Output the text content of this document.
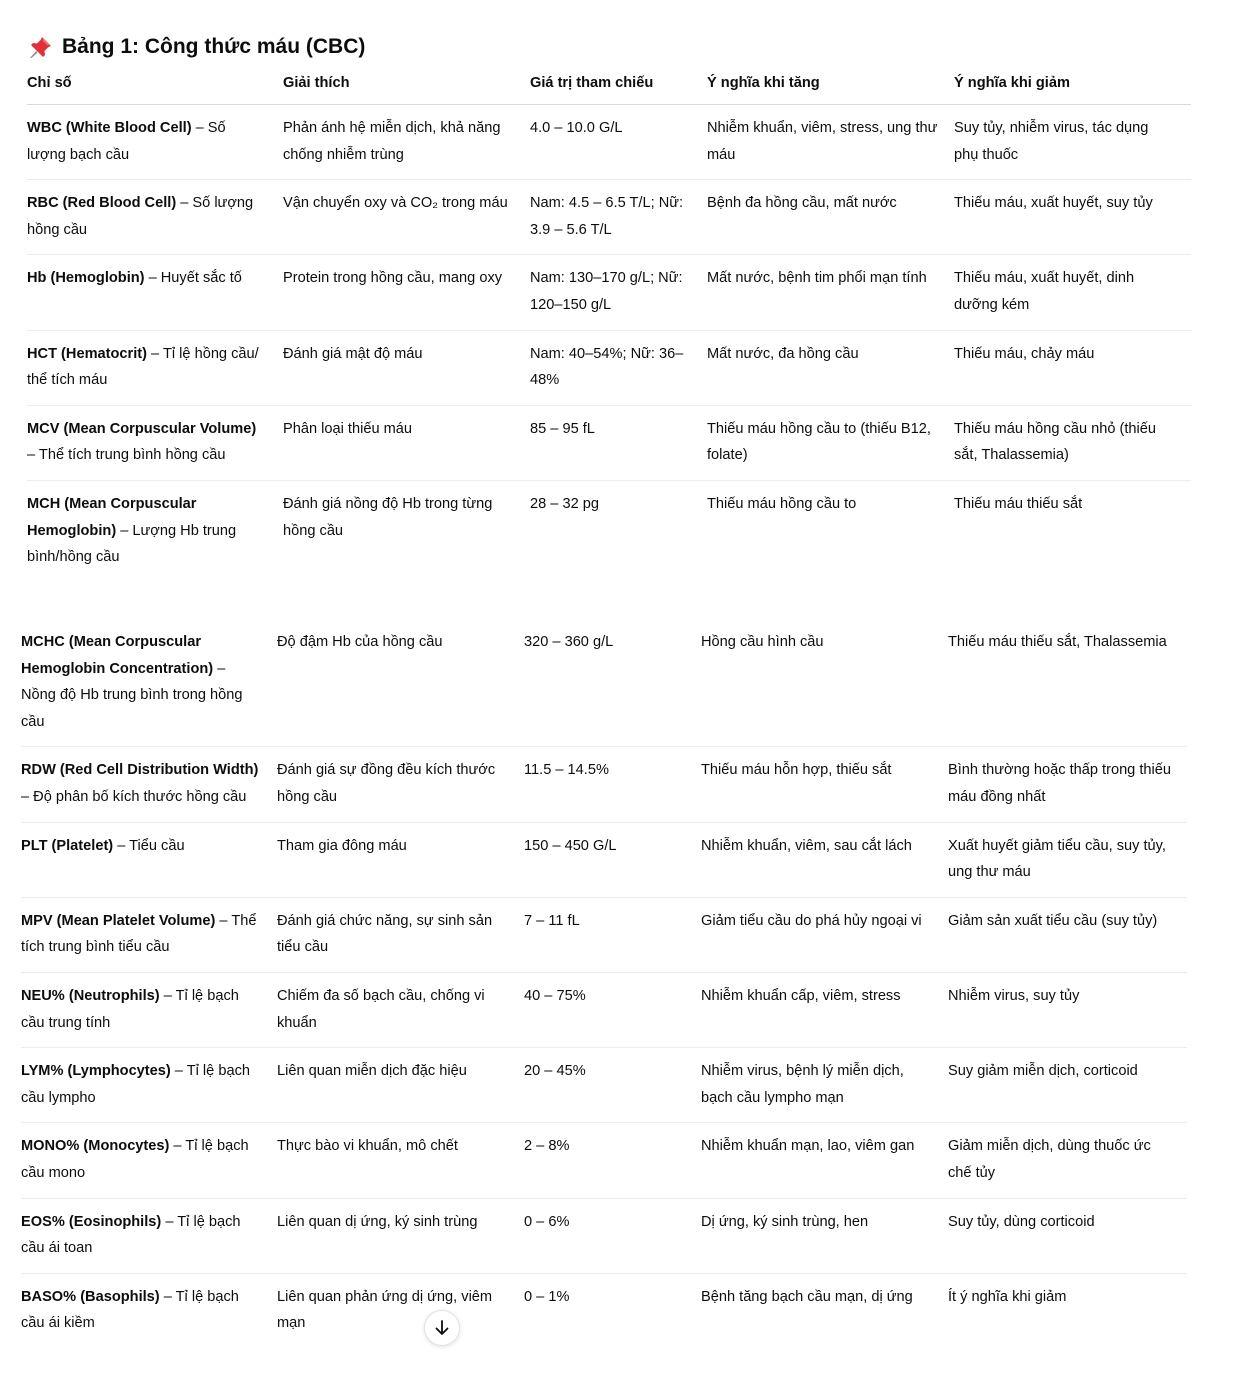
Bảng 1: Công thức máu (CBC)
Chỉ số	Giải thích	Giá trị tham chiếu	Ý nghĩa khi tăng	Ý nghĩa khi giảm

WBC (White Blood Cell) – Số lượng bạch cầu	Phản ánh hệ miễn dịch, khả năng chống nhiễm trùng	4.0 – 10.0 G/L	Nhiễm khuẩn, viêm, stress, ung thư máu	Suy tủy, nhiễm virus, tác dụng phụ thuốc

RBC (Red Blood Cell) – Số lượng hồng cầu	Vận chuyển oxy và CO₂ trong máu	Nam: 4.5 – 6.5 T/L; Nữ: 3.9 – 5.6 T/L	Bệnh đa hồng cầu, mất nước	Thiếu máu, xuất huyết, suy tủy

Hb (Hemoglobin) – Huyết sắc tố	Protein trong hồng cầu, mang oxy	Nam: 130–170 g/L; Nữ: 120–150 g/L	Mất nước, bệnh tim phổi mạn tính	Thiếu máu, xuất huyết, dinh dưỡng kém

HCT (Hematocrit) – Tỉ lệ hồng cầu/ thể tích máu	Đánh giá mật độ máu	Nam: 40–54%; Nữ: 36–48%	Mất nước, đa hồng cầu	Thiếu máu, chảy máu

MCV (Mean Corpuscular Volume) – Thể tích trung bình hồng cầu	Phân loại thiếu máu	85 – 95 fL	Thiếu máu hồng cầu to (thiếu B12, folate)	Thiếu máu hồng cầu nhỏ (thiếu sắt, Thalassemia)

MCH (Mean Corpuscular Hemoglobin) – Lượng Hb trung bình/hồng cầu	Đánh giá nồng độ Hb trong từng hồng cầu	28 – 32 pg	Thiếu máu hồng cầu to	Thiếu máu thiếu sắt
MCHC (Mean Corpuscular Hemoglobin Concentration) – Nồng độ Hb trung bình trong hồng cầu	Độ đậm Hb của hồng cầu	320 – 360 g/L	Hồng cầu hình cầu	Thiếu máu thiếu sắt, Thalassemia

RDW (Red Cell Distribution Width) – Độ phân bố kích thước hồng cầu	Đánh giá sự đồng đều kích thước hồng cầu	11.5 – 14.5%	Thiếu máu hỗn hợp, thiếu sắt	Bình thường hoặc thấp trong thiếu máu đồng nhất

PLT (Platelet) – Tiểu cầu	Tham gia đông máu	150 – 450 G/L	Nhiễm khuẩn, viêm, sau cắt lách	Xuất huyết giảm tiểu cầu, suy tủy, ung thư máu

MPV (Mean Platelet Volume) – Thể tích trung bình tiểu cầu	Đánh giá chức năng, sự sinh sản tiểu cầu	7 – 11 fL	Giảm tiểu cầu do phá hủy ngoại vi	Giảm sản xuất tiểu cầu (suy tủy)

NEU% (Neutrophils) – Tỉ lệ bạch cầu trung tính	Chiếm đa số bạch cầu, chống vi khuẩn	40 – 75%	Nhiễm khuẩn cấp, viêm, stress	Nhiễm virus, suy tủy

LYM% (Lymphocytes) – Tỉ lệ bạch cầu lympho	Liên quan miễn dịch đặc hiệu	20 – 45%	Nhiễm virus, bệnh lý miễn dịch, bạch cầu lympho mạn	Suy giảm miễn dịch, corticoid

MONO% (Monocytes) – Tỉ lệ bạch cầu mono	Thực bào vi khuẩn, mô chết	2 – 8%	Nhiễm khuẩn mạn, lao, viêm gan	Giảm miễn dịch, dùng thuốc ức chế tủy

EOS% (Eosinophils) – Tỉ lệ bạch cầu ái toan	Liên quan dị ứng, ký sinh trùng	0 – 6%	Dị ứng, ký sinh trùng, hen	Suy tủy, dùng corticoid

BASO% (Basophils) – Tỉ lệ bạch cầu ái kiềm	Liên quan phản ứng dị ứng, viêm mạn	0 – 1%	Bệnh tăng bạch cầu mạn, dị ứng	Ít ý nghĩa khi giảm
